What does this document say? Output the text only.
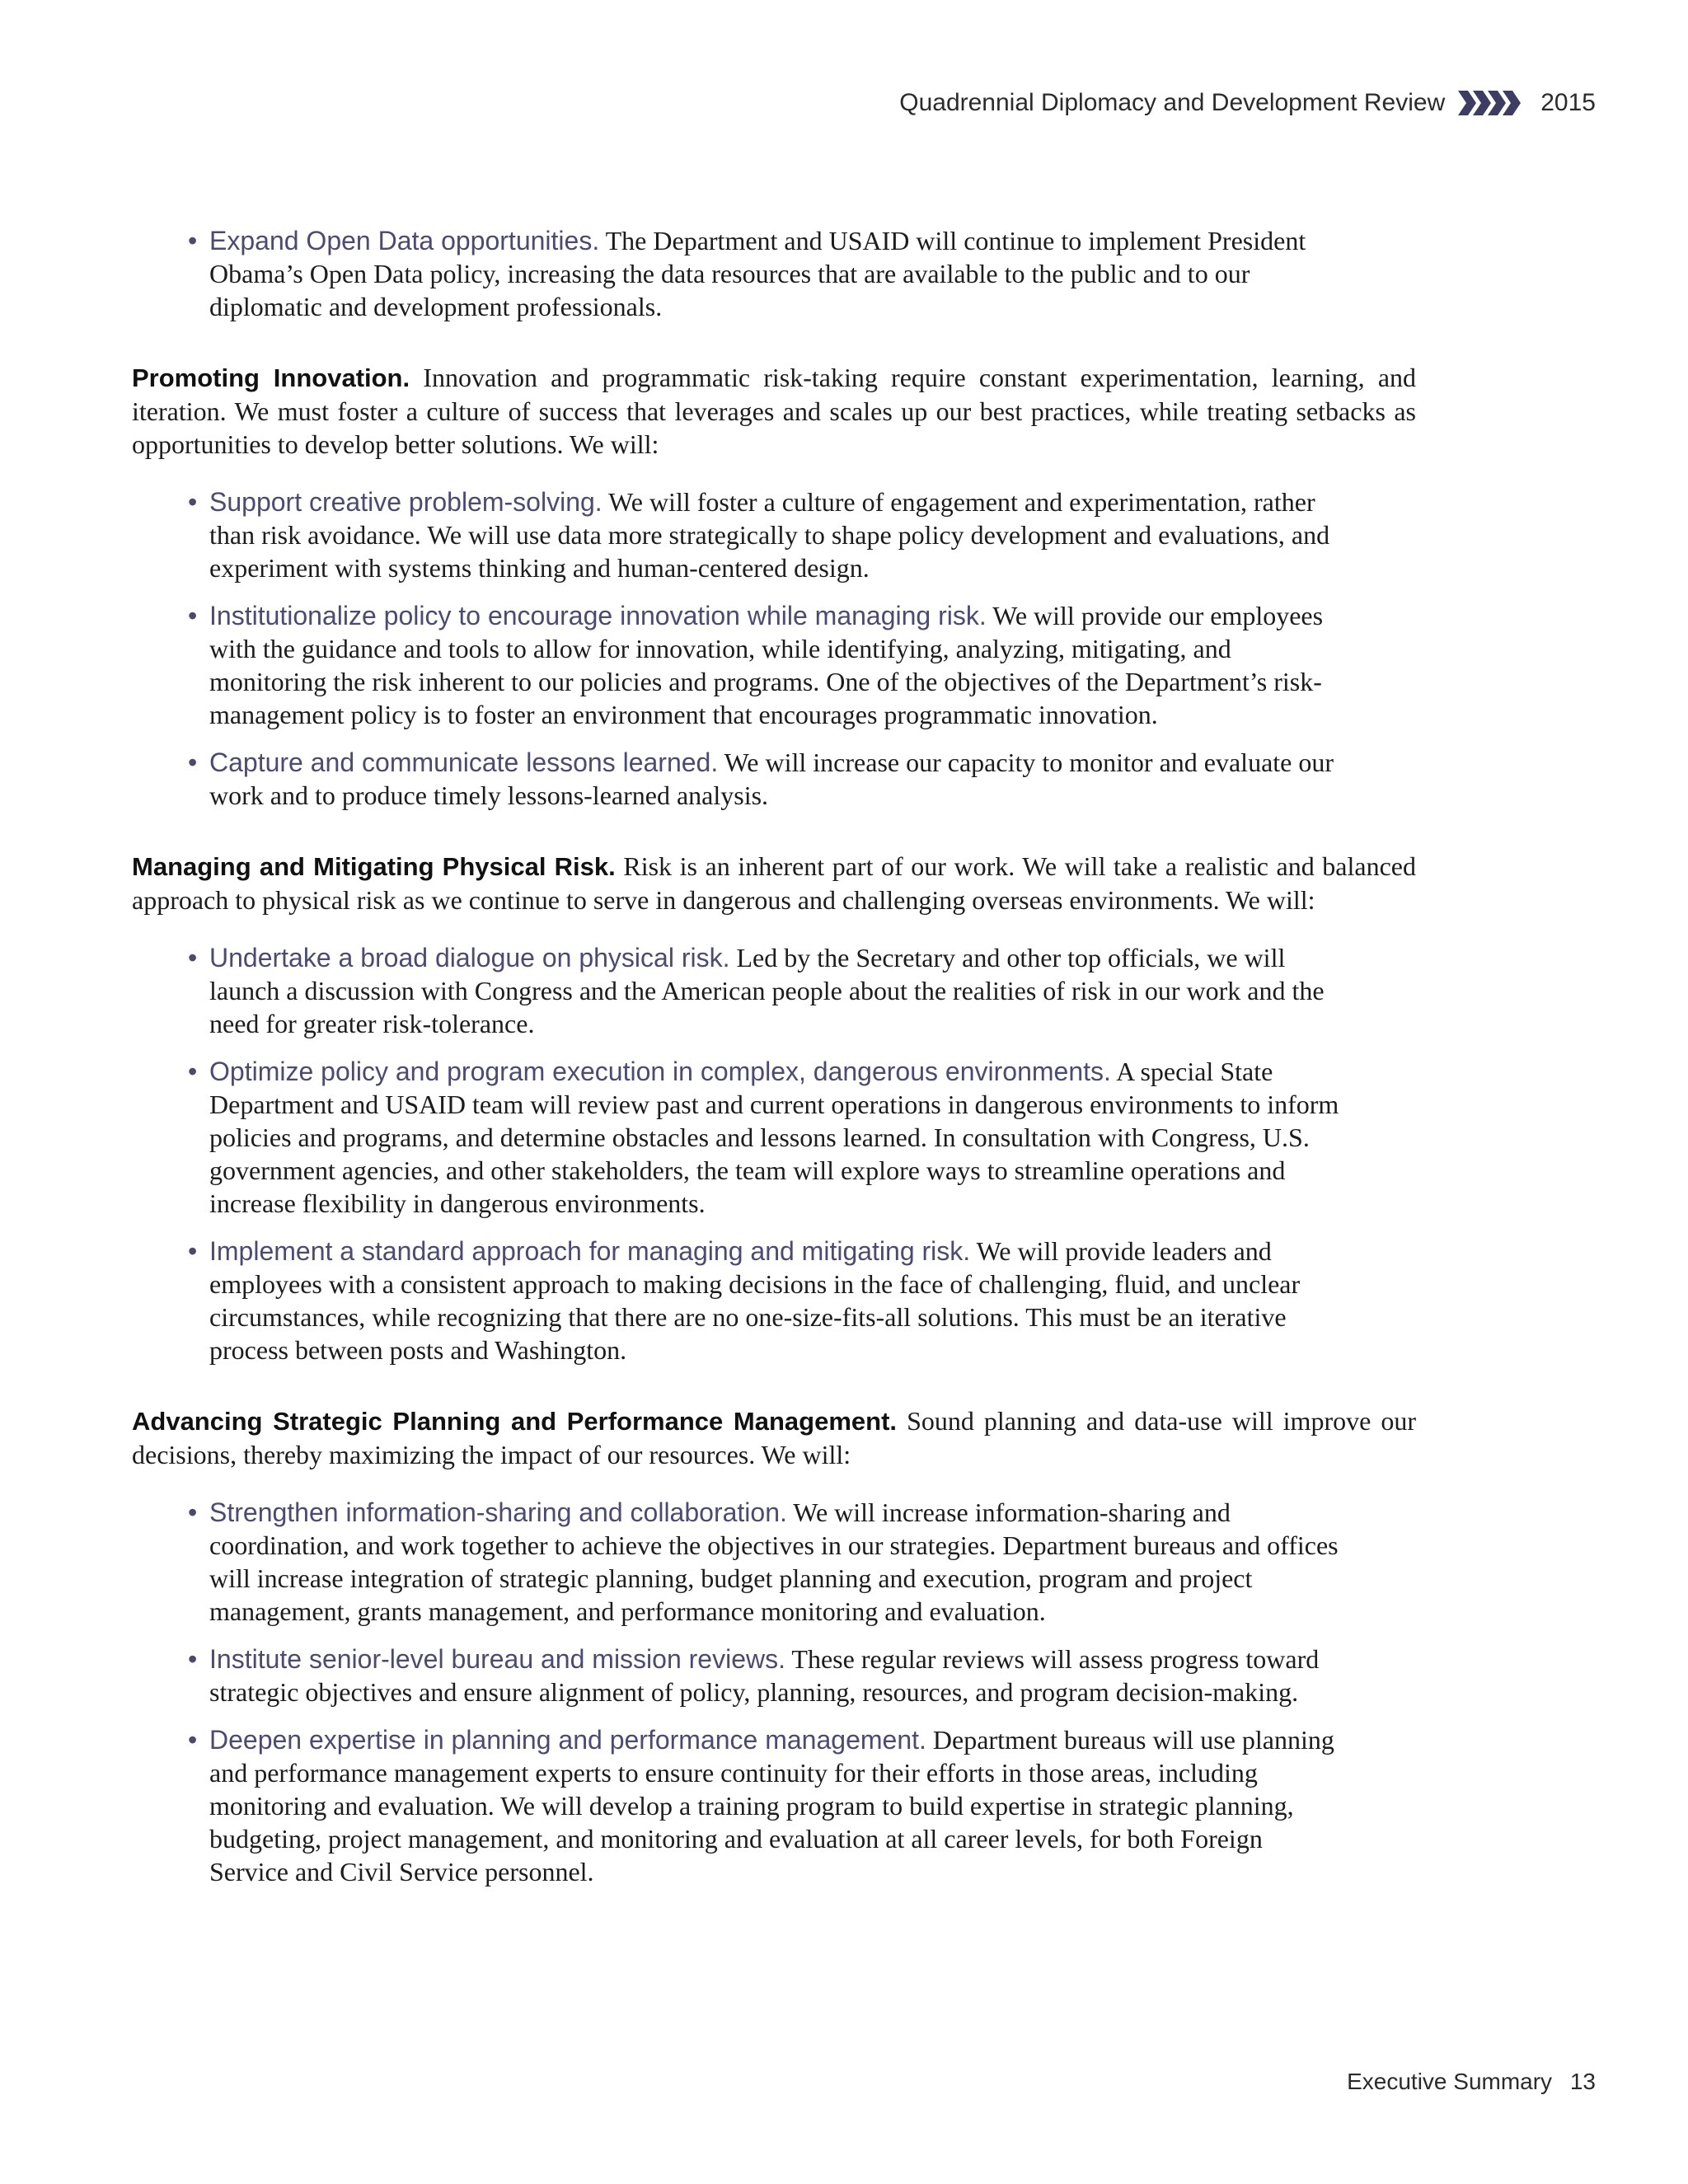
Quadrennial Diplomacy and Development Review	2015
• Expand Open Data opportunities. The Department and USAID will continue to implement President Obama’s Open Data policy, increasing the data resources that are available to the public and to our diplomatic and development professionals.

Promoting Innovation. Innovation and programmatic risk-taking require constant experimentation, learning, and iteration. We must foster a culture of success that leverages and scales up our best practices, while treating setbacks as opportunities to develop better solutions. We will:

• Support creative problem-solving. We will foster a culture of engagement and experimentation, rather than risk avoidance. We will use data more strategically to shape policy development and evaluations, and experiment with systems thinking and human-centered design.
• Institutionalize policy to encourage innovation while managing risk. We will provide our employees with the guidance and tools to allow for innovation, while identifying, analyzing, mitigating, and monitoring the risk inherent to our policies and programs. One of the objectives of the Department’s risk-management policy is to foster an environment that encourages programmatic innovation.
• Capture and communicate lessons learned. We will increase our capacity to monitor and evaluate our work and to produce timely lessons-learned analysis.

Managing and Mitigating Physical Risk. Risk is an inherent part of our work. We will take a realistic and balanced approach to physical risk as we continue to serve in dangerous and challenging overseas environments. We will:

• Undertake a broad dialogue on physical risk. Led by the Secretary and other top officials, we will launch a discussion with Congress and the American people about the realities of risk in our work and the need for greater risk-tolerance.
• Optimize policy and program execution in complex, dangerous environments. A special State Department and USAID team will review past and current operations in dangerous environments to inform policies and programs, and determine obstacles and lessons learned. In consultation with Congress, U.S. government agencies, and other stakeholders, the team will explore ways to streamline operations and increase flexibility in dangerous environments.
• Implement a standard approach for managing and mitigating risk. We will provide leaders and employees with a consistent approach to making decisions in the face of challenging, fluid, and unclear circumstances, while recognizing that there are no one-size-fits-all solutions. This must be an iterative process between posts and Washington.

Advancing Strategic Planning and Performance Management. Sound planning and data-use will improve our decisions, thereby maximizing the impact of our resources. We will:

• Strengthen information-sharing and collaboration. We will increase information-sharing and coordination, and work together to achieve the objectives in our strategies. Department bureaus and offices will increase integration of strategic planning, budget planning and execution, program and project management, grants management, and performance monitoring and evaluation.
• Institute senior-level bureau and mission reviews. These regular reviews will assess progress toward strategic objectives and ensure alignment of policy, planning, resources, and program decision-making.
• Deepen expertise in planning and performance management. Department bureaus will use planning and performance management experts to ensure continuity for their efforts in those areas, including monitoring and evaluation. We will develop a training program to build expertise in strategic planning, budgeting, project management, and monitoring and evaluation at all career levels, for both Foreign Service and Civil Service personnel.
Executive Summary 13
